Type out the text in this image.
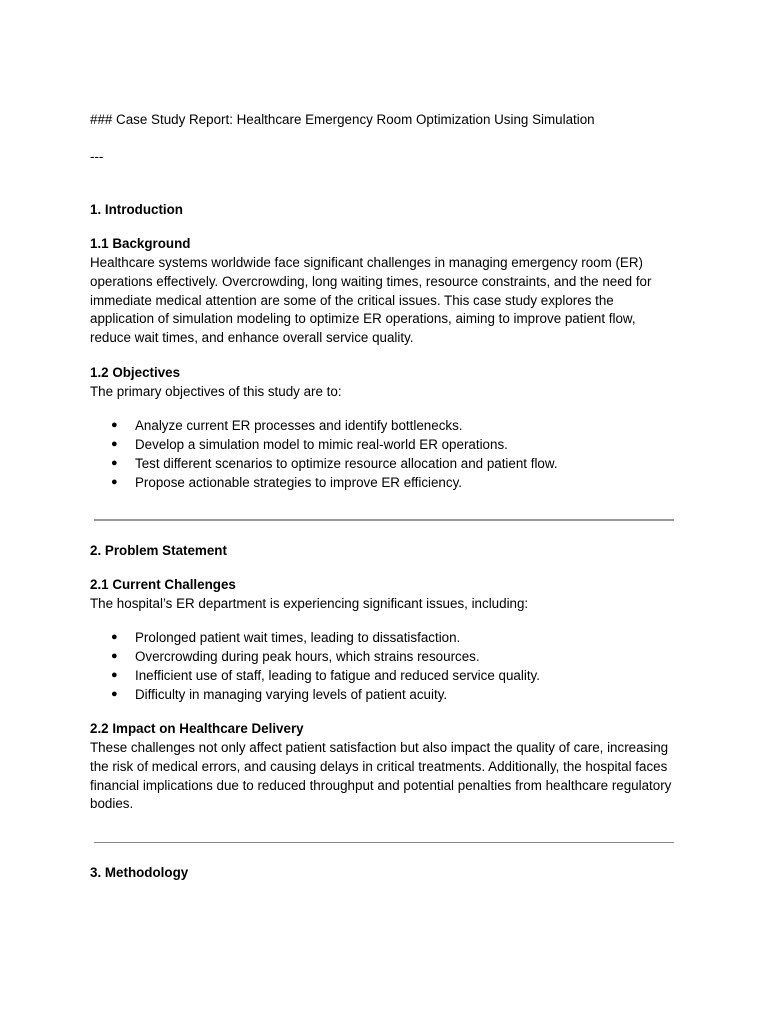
### Case Study Report: Healthcare Emergency Room Optimization Using Simulation
---
1. Introduction
1.1 Background
Healthcare systems worldwide face significant challenges in managing emergency room (ER) operations effectively. Overcrowding, long waiting times, resource constraints, and the need for immediate medical attention are some of the critical issues. This case study explores the application of simulation modeling to optimize ER operations, aiming to improve patient flow, reduce wait times, and enhance overall service quality.
1.2 Objectives
The primary objectives of this study are to:
● Analyze current ER processes and identify bottlenecks.
● Develop a simulation model to mimic real-world ER operations.
● Test different scenarios to optimize resource allocation and patient flow.
● Propose actionable strategies to improve ER efficiency.
2. Problem Statement
2.1 Current Challenges
The hospital’s ER department is experiencing significant issues, including:
● Prolonged patient wait times, leading to dissatisfaction.
● Overcrowding during peak hours, which strains resources.
● Inefficient use of staff, leading to fatigue and reduced service quality.
● Difficulty in managing varying levels of patient acuity.
2.2 Impact on Healthcare Delivery
These challenges not only affect patient satisfaction but also impact the quality of care, increasing the risk of medical errors, and causing delays in critical treatments. Additionally, the hospital faces financial implications due to reduced throughput and potential penalties from healthcare regulatory bodies.
3. Methodology
